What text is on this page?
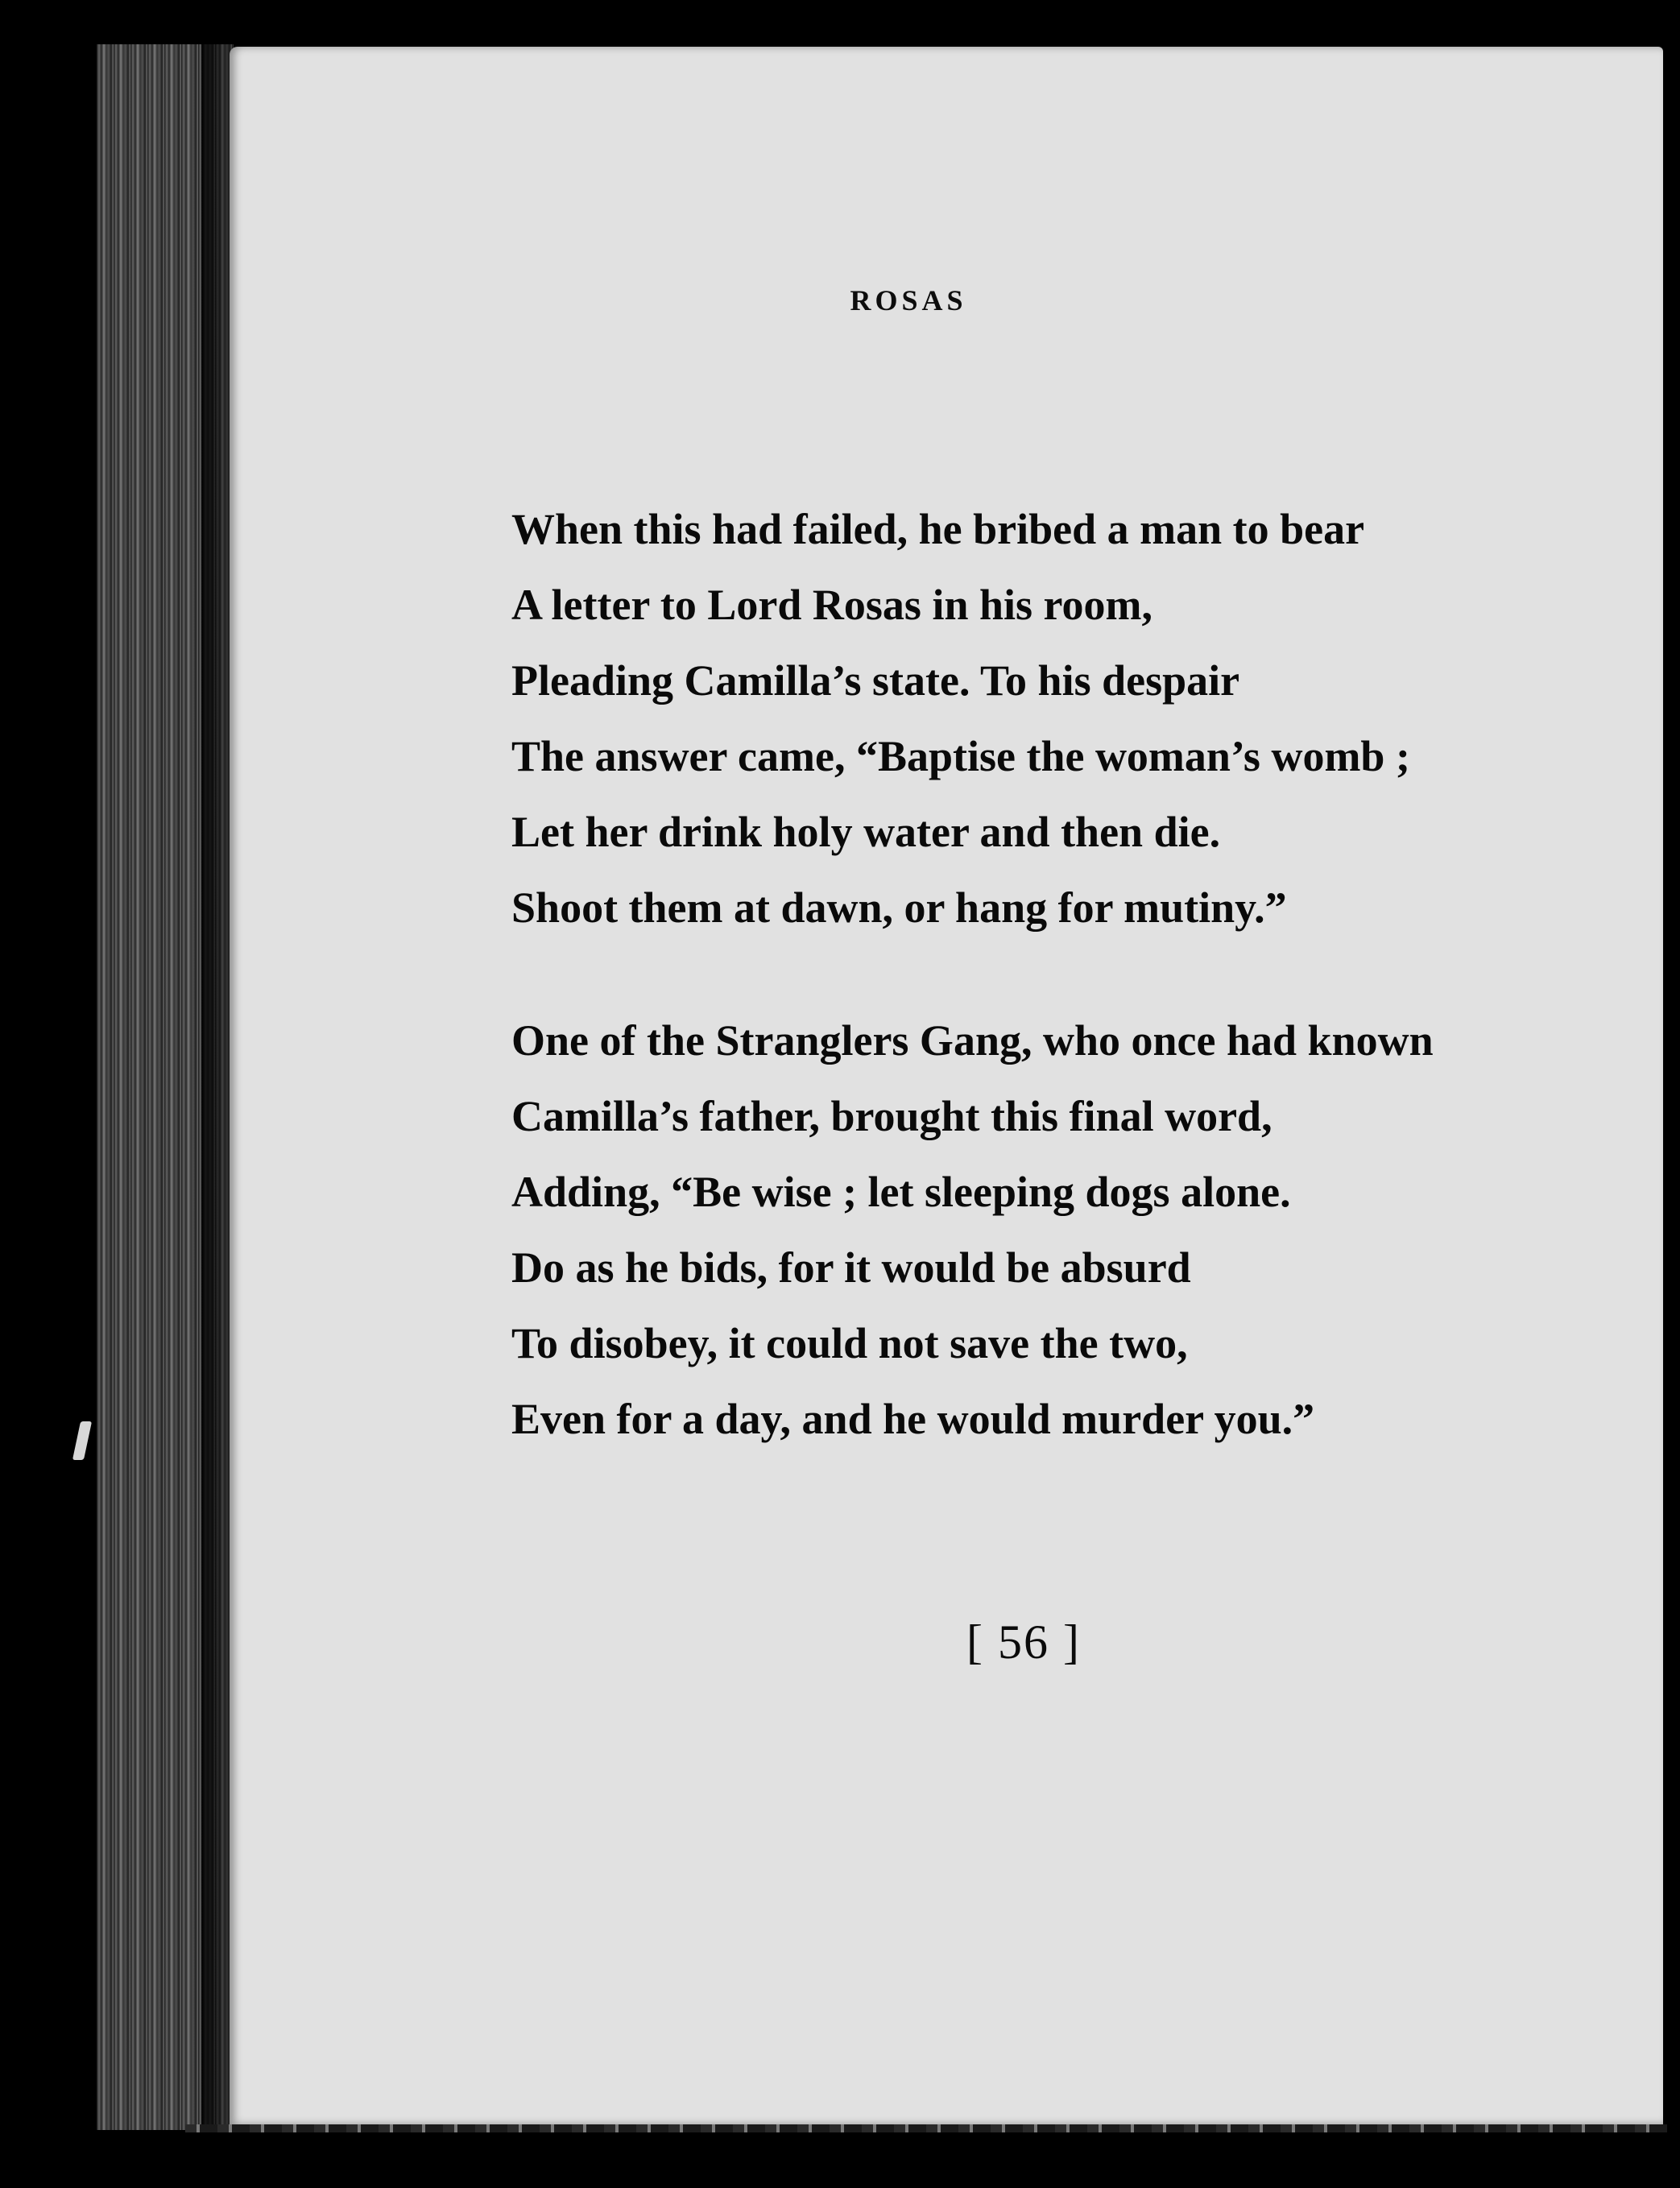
ROSAS
When this had failed, he bribed a man to bear
A letter to Lord Rosas in his room,
Pleading Camilla’s state. To his despair
The answer came, “Baptise the woman’s womb ;
Let her drink holy water and then die.
Shoot them at dawn, or hang for mutiny.”
One of the Stranglers Gang, who once had known
Camilla’s father, brought this final word,
Adding, “Be wise ; let sleeping dogs alone.
Do as he bids, for it would be absurd
To disobey, it could not save the two,
Even for a day, and he would murder you.”
[ 56 ]
